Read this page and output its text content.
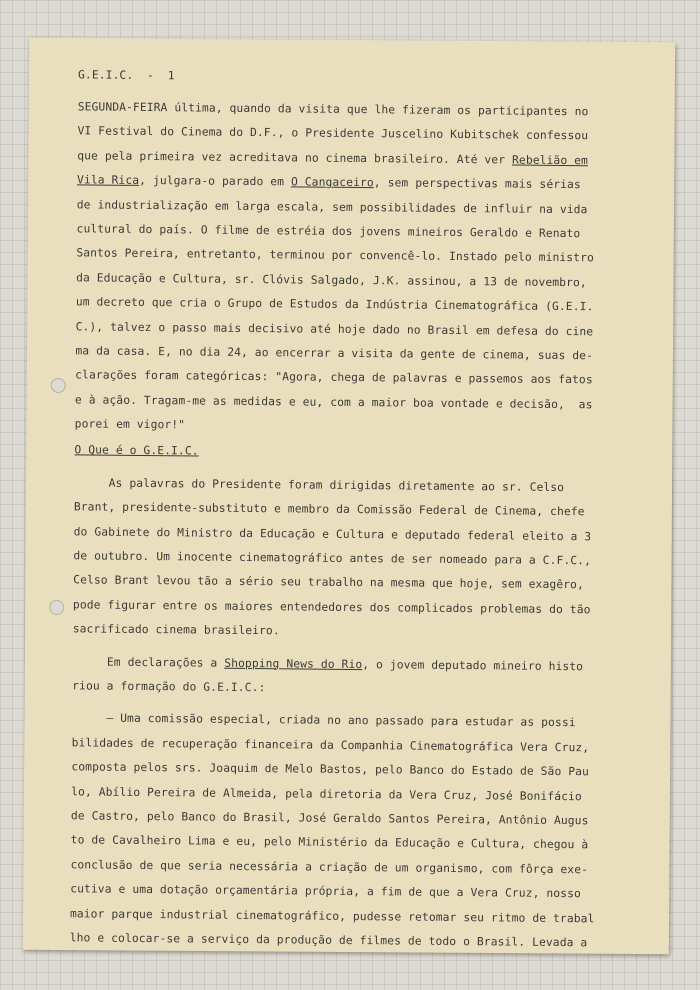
G.E.I.C.  -  1
SEGUNDA-FEIRA última, quando da visita que lhe fizeram os participantes no
VI Festival do Cinema do D.F., o Presidente Juscelino Kubitschek confessou
que pela primeira vez acreditava no cinema brasileiro. Até ver Rebelião em
Vila Rica, julgara-o parado em O Cangaceiro, sem perspectivas mais sérias
de industrialização em larga escala, sem possibilidades de influir na vida
cultural do país. O filme de estréia dos jovens mineiros Geraldo e Renato
Santos Pereira, entretanto, terminou por convencê-lo. Instado pelo ministro
da Educação e Cultura, sr. Clóvis Salgado, J.K. assinou, a 13 de novembro,
um decreto que cria o Grupo de Estudos da Indústria Cinematográfica (G.E.I.
C.), talvez o passo mais decisivo até hoje dado no Brasil em defesa do cine
ma da casa. E, no dia 24, ao encerrar a visita da gente de cinema, suas de-
clarações foram categóricas: "Agora, chega de palavras e passemos aos fatos
e à ação. Tragam-me as medidas e eu, com a maior boa vontade e decisão,  as
porei em vigor!"
O Que é o G.E.I.C.
As palavras do Presidente foram dirigidas diretamente ao sr. Celso
Brant, presidente-substituto e membro da Comissão Federal de Cinema, chefe
do Gabinete do Ministro da Educação e Cultura e deputado federal eleito a 3
de outubro. Um inocente cinematográfico antes de ser nomeado para a C.F.C.,
Celso Brant levou tão a sério seu trabalho na mesma que hoje, sem exagêro,
pode figurar entre os maiores entendedores dos complicados problemas do tão
sacrificado cinema brasileiro.
Em declarações a Shopping News do Rio, o jovem deputado mineiro histo
riou a formação do G.E.I.C.:
— Uma comissão especial, criada no ano passado para estudar as possi
bilidades de recuperação financeira da Companhia Cinematográfica Vera Cruz,
composta pelos srs. Joaquim de Melo Bastos, pelo Banco do Estado de São Pau
lo, Abílio Pereira de Almeida, pela diretoria da Vera Cruz, José Bonifácio
de Castro, pelo Banco do Brasil, José Geraldo Santos Pereira, Antônio Augus
to de Cavalheiro Lima e eu, pelo Ministério da Educação e Cultura, chegou à
conclusão de que seria necessária a criação de um organismo, com fôrça exe-
cutiva e uma dotação orçamentária própria, a fim de que a Vera Cruz, nosso
maior parque industrial cinematográfico, pudesse retomar seu ritmo de trabal
lho e colocar-se a serviço da produção de filmes de todo o Brasil. Levada a
